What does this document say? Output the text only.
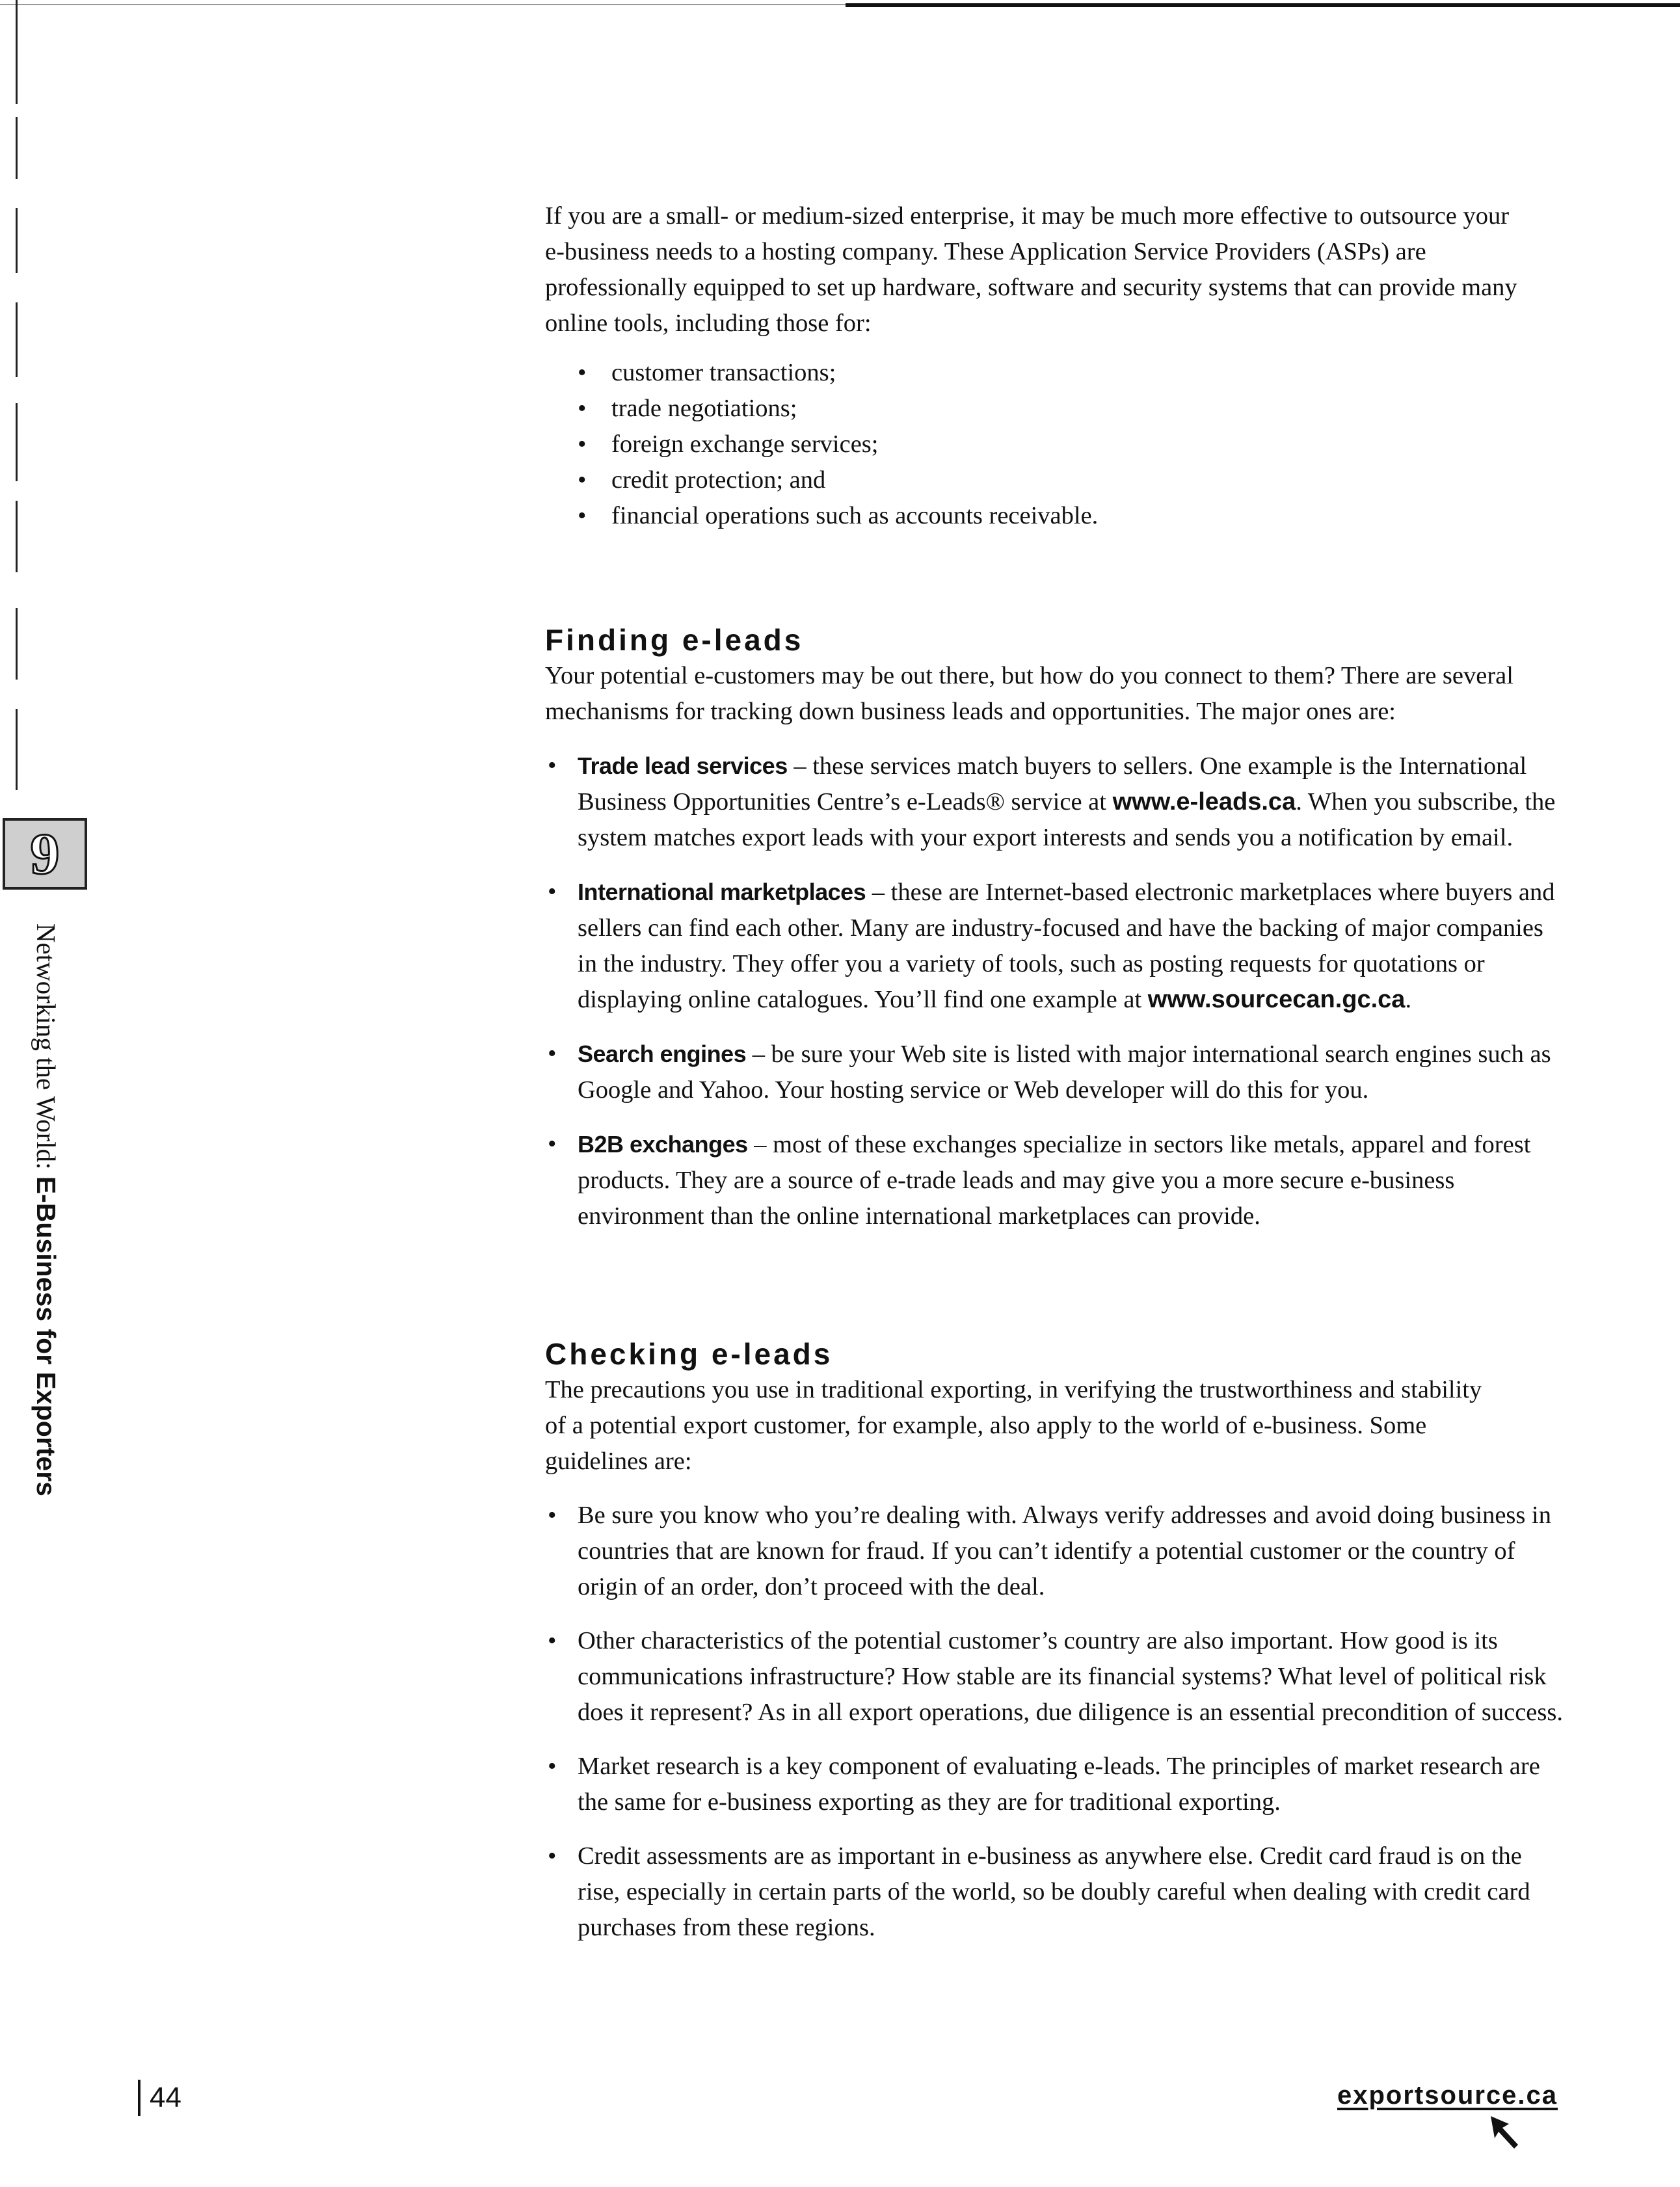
9
Networking the World: E-Business for Exporters

If you are a small- or medium-sized enterprise, it may be much more effective to outsource your e-business needs to a hosting company. These Application Service Providers (ASPs) are professionally equipped to set up hardware, software and security systems that can provide many online tools, including those for:

• customer transactions;
• trade negotiations;
• foreign exchange services;
• credit protection; and
• financial operations such as accounts receivable.
Finding e-leads

Your potential e-customers may be out there, but how do you connect to them? There are several mechanisms for tracking down business leads and opportunities. The major ones are:

• Trade lead services – these services match buyers to sellers. One example is the International Business Opportunities Centre’s e-Leads® service at www.e-leads.ca. When you subscribe, the system matches export leads with your export interests and sends you a notification by email.
• International marketplaces – these are Internet-based electronic marketplaces where buyers and sellers can find each other. Many are industry-focused and have the backing of major companies in the industry. They offer you a variety of tools, such as posting requests for quotations or displaying online catalogues. You’ll find one example at www.sourcecan.gc.ca.
• Search engines – be sure your Web site is listed with major international search engines such as Google and Yahoo. Your hosting service or Web developer will do this for you.
• B2B exchanges – most of these exchanges specialize in sectors like metals, apparel and forest products. They are a source of e-trade leads and may give you a more secure e-business environment than the online international marketplaces can provide.
Checking e-leads

The precautions you use in traditional exporting, in verifying the trustworthiness and stability of a potential export customer, for example, also apply to the world of e-business. Some guidelines are:

• Be sure you know who you’re dealing with. Always verify addresses and avoid doing business in countries that are known for fraud. If you can’t identify a potential customer or the country of origin of an order, don’t proceed with the deal.
• Other characteristics of the potential customer’s country are also important. How good is its communications infrastructure? How stable are its financial systems? What level of political risk does it represent? As in all export operations, due diligence is an essential precondition of success.
• Market research is a key component of evaluating e-leads. The principles of market research are the same for e-business exporting as they are for traditional exporting.
• Credit assessments are as important in e-business as anywhere else. Credit card fraud is on the rise, especially in certain parts of the world, so be doubly careful when dealing with credit card purchases from these regions.
44	exportsource.ca
